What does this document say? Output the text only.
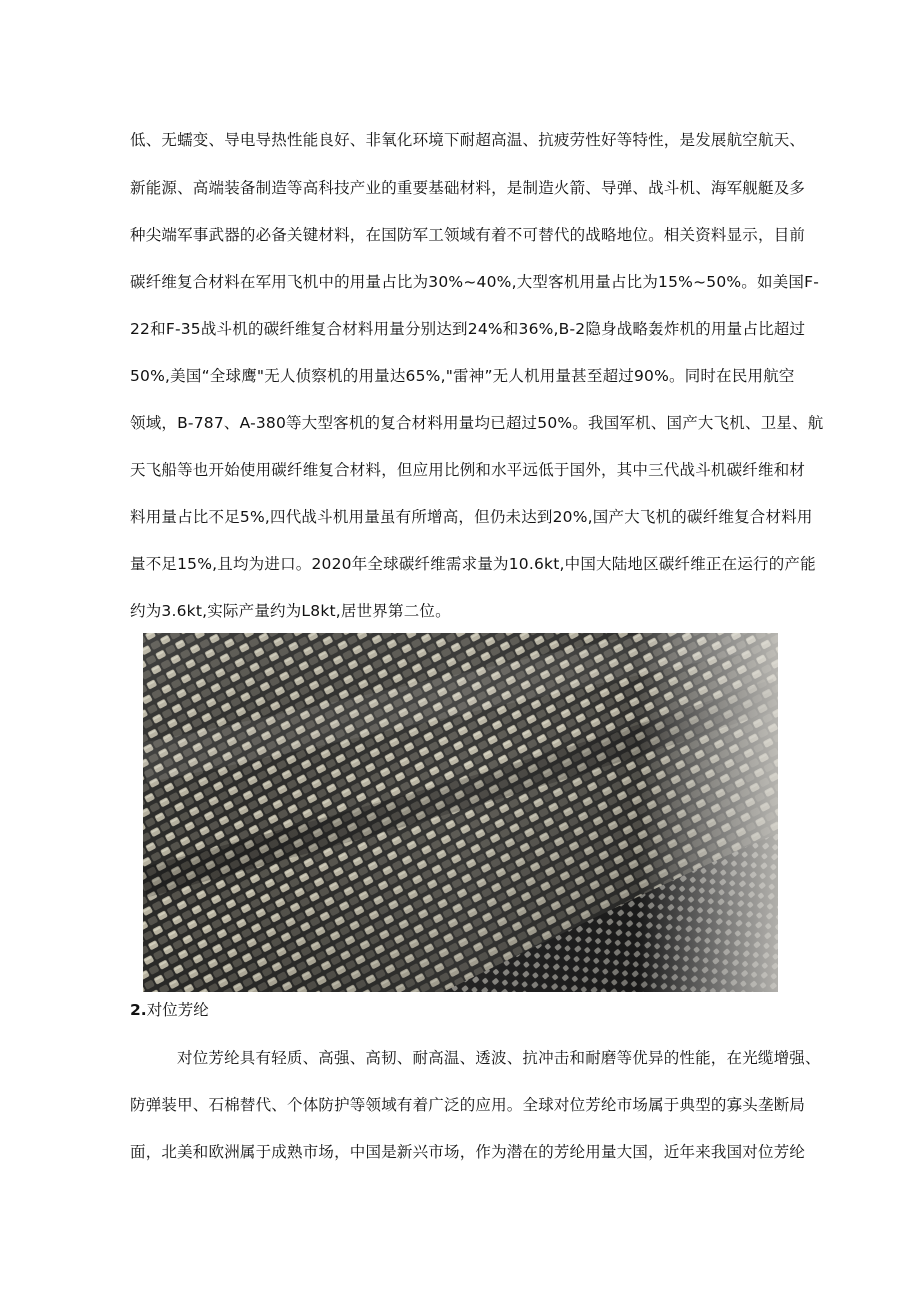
低、无蠕变、导电导热性能良好、非氧化环境下耐超高温、抗疲劳性好等特性，是发展航空航天、
新能源、高端装备制造等高科技产业的重要基础材料，是制造火箭、导弹、战斗机、海军舰艇及多
种尖端军事武器的必备关键材料，在国防军工领域有着不可替代的战略地位。相关资料显示，目前
碳纤维复合材料在军用飞机中的用量占比为30%~40%,大型客机用量占比为15%~50%。如美国F-
22和F-35战斗机的碳纤维复合材料用量分别达到24%和36%,B-2隐身战略轰炸机的用量占比超过
50%,美国“全球鹰"无人侦察机的用量达65%,"雷神”无人机用量甚至超过90%。同时在民用航空
领域，B-787、A-380等大型客机的复合材料用量均已超过50%。我国军机、国产大飞机、卫星、航
天飞船等也开始使用碳纤维复合材料，但应用比例和水平远低于国外，其中三代战斗机碳纤维和材
料用量占比不足5%,四代战斗机用量虽有所增高，但仍未达到20%,国产大飞机的碳纤维复合材料用
量不足15%,且均为进口。2020年全球碳纤维需求量为10.6kt,中国大陆地区碳纤维正在运行的产能
约为3.6kt,实际产量约为L8kt,居世界第二位。
2.对位芳纶
对位芳纶具有轻质、高强、高韧、耐高温、透波、抗冲击和耐磨等优异的性能，在光缆增强、
防弹装甲、石棉替代、个体防护等领域有着广泛的应用。全球对位芳纶市场属于典型的寡头垄断局
面，北美和欧洲属于成熟市场，中国是新兴市场，作为潜在的芳纶用量大国，近年来我国对位芳纶
